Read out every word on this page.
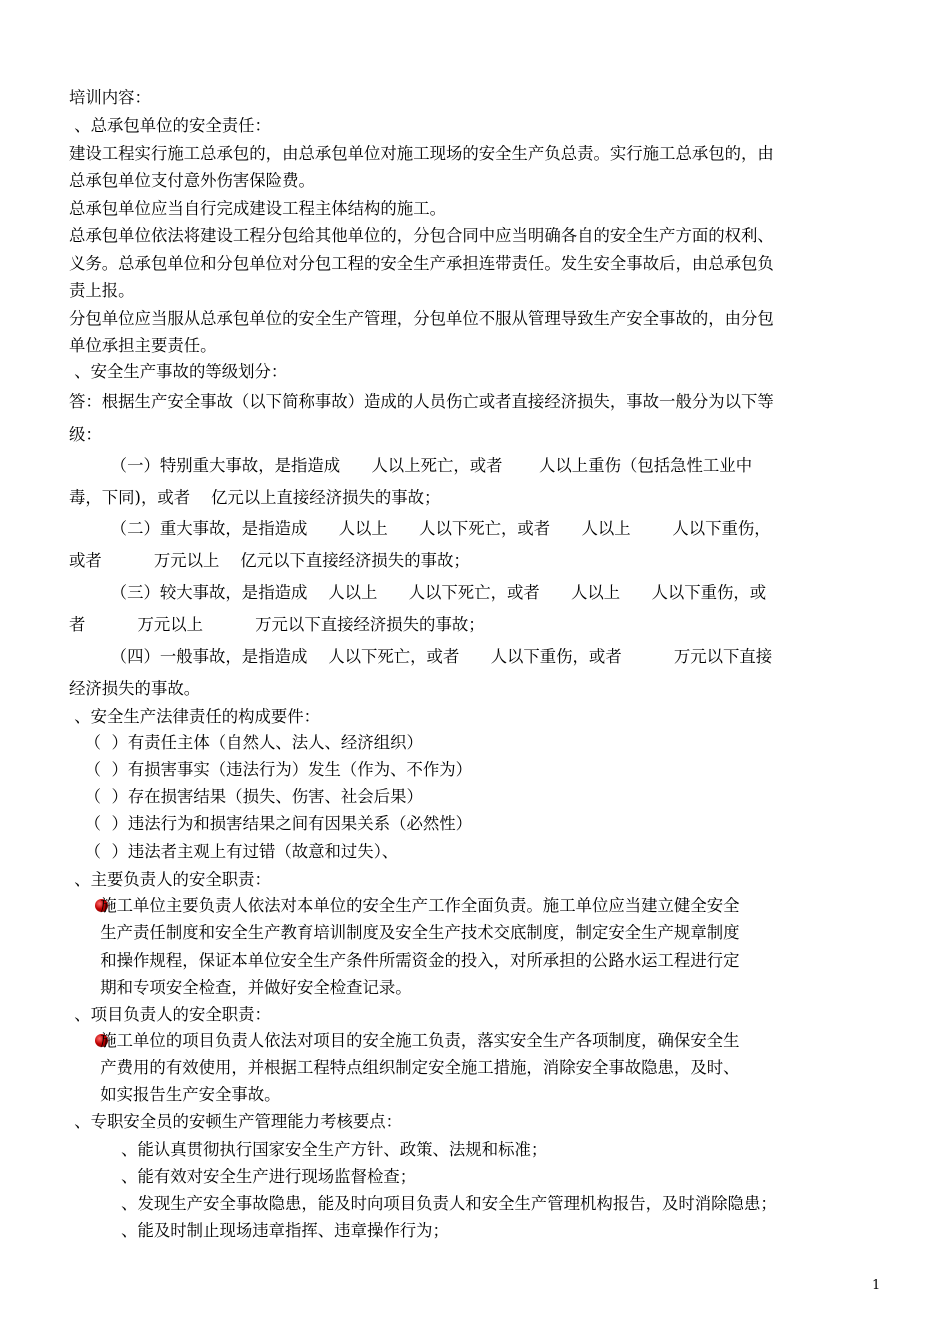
培训内容：
、总承包单位的安全责任：
建设工程实行施工总承包的，由总承包单位对施工现场的安全生产负总责。实行施工总承包的，由
总承包单位支付意外伤害保险费。
总承包单位应当自行完成建设工程主体结构的施工。
总承包单位依法将建设工程分包给其他单位的，分包合同中应当明确各自的安全生产方面的权利、
义务。总承包单位和分包单位对分包工程的安全生产承担连带责任。发生安全事故后，由总承包负
责上报。
分包单位应当服从总承包单位的安全生产管理，分包单位不服从管理导致生产安全事故的，由分包
单位承担主要责任。
、安全生产事故的等级划分：
答：根据生产安全事故（以下简称事故）造成的人员伤亡或者直接经济损失，事故一般分为以下等
级：
（一）特别重大事故，是指造成      人以上死亡，或者       人以上重伤（包括急性工业中
毒，下同)，或者    亿元以上直接经济损失的事故；
（二）重大事故，是指造成      人以上      人以下死亡，或者      人以上        人以下重伤，
或者          万元以上    亿元以下直接经济损失的事故；
（三）较大事故，是指造成    人以上      人以下死亡，或者      人以上      人以下重伤，或
者          万元以上          万元以下直接经济损失的事故；
（四）一般事故，是指造成    人以下死亡，或者      人以下重伤，或者          万元以下直接
经济损失的事故。
、安全生产法律责任的构成要件：
（  ）有责任主体（自然人、法人、经济组织）
（  ）有损害事实（违法行为）发生（作为、不作为）
（  ）存在损害结果（损失、伤害、社会后果）
（  ）违法行为和损害结果之间有因果关系（必然性）
（  ）违法者主观上有过错（故意和过失）、
、主要负责人的安全职责：
施工单位主要负责人依法对本单位的安全生产工作全面负责。施工单位应当建立健全安全
生产责任制度和安全生产教育培训制度及安全生产技术交底制度，制定安全生产规章制度
和操作规程，保证本单位安全生产条件所需资金的投入，对所承担的公路水运工程进行定
期和专项安全检查，并做好安全检查记录。
、项目负责人的安全职责：
施工单位的项目负责人依法对项目的安全施工负责，落实安全生产各项制度，确保安全生
产费用的有效使用，并根据工程特点组织制定安全施工措施，消除安全事故隐患，及时、
如实报告生产安全事故。
、专职安全员的安顿生产管理能力考核要点：
、能认真贯彻执行国家安全生产方针、政策、法规和标准；
、能有效对安全生产进行现场监督检查；
、发现生产安全事故隐患，能及时向项目负责人和安全生产管理机构报告，及时消除隐患；
、能及时制止现场违章指挥、违章操作行为；
1
